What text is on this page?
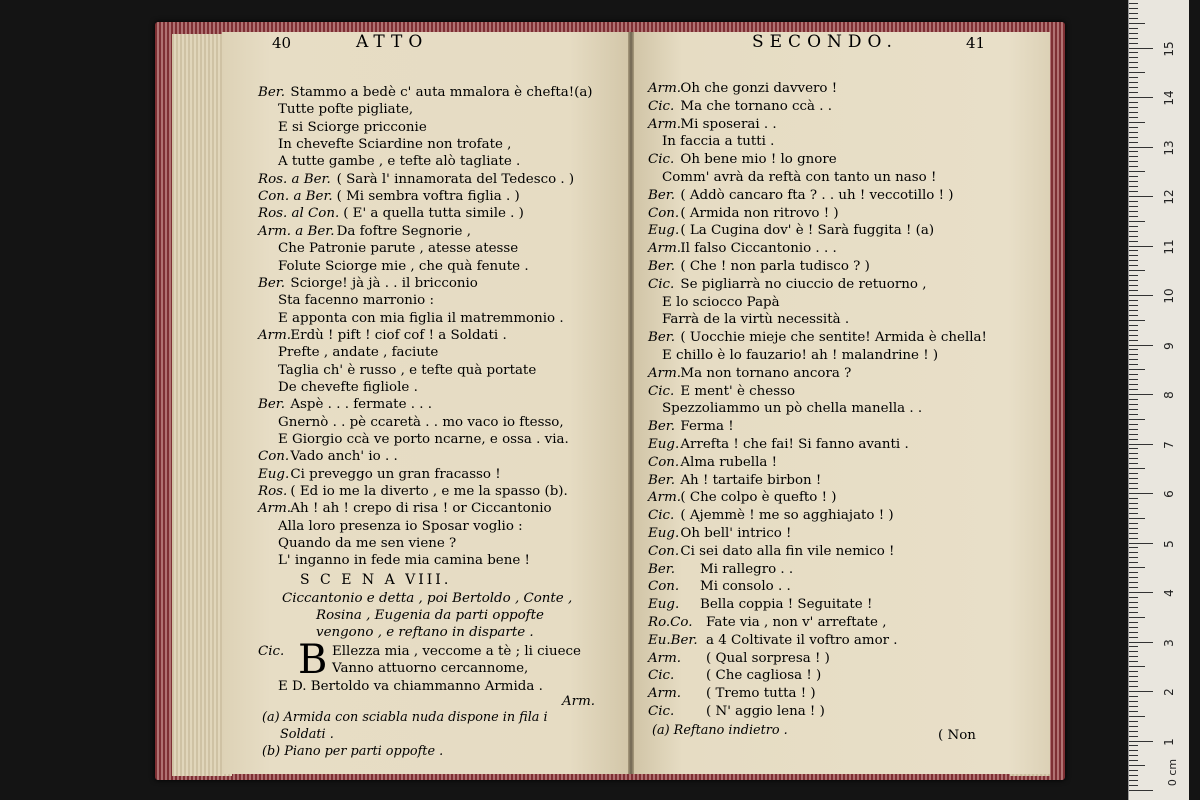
40	ATTO
Ber. Stammo a bedè c' auta mmalora è chefta!(a)
Tutte pofte pigliate,
E si Sciorge pricconie
In chevefte Sciardine non trofate ,
A tutte gambe , e tefte alò tagliate .
Ros. a Ber. ( Sarà l' innamorata del Tedesco . )
Con. a Ber. ( Mi sembra voftra figlia . )
Ros. al Con. ( E' a quella tutta simile . )
Arm. a Ber. Da foftre Segnorie ,
Che Patronie parute , atesse atesse
Folute Sciorge mie , che quà fenute .
Ber. Sciorge! jà jà . . il bricconio
Sta facenno marronio :
E apponta con mia figlia il matremmonio .
Arm. Erdù ! pift ! ciof cof ! a Soldati .
Prefte , andate , faciute
Taglia ch' è russo , e tefte quà portate
De chevefte figliole .
Ber. Aspè . . . fermate . . .
Gnernò . . pè ccaretà . . mo vaco io ftesso,
E Giorgio ccà ve porto ncarne, e ossa . via.
Con. Vado anch' io . .
Eug. Ci preveggo un gran fracasso !
Ros. ( Ed io me la diverto , e me la spasso (b).
Arm. Ah ! ah ! crepo di risa ! or Ciccantonio
Alla loro presenza io Sposar voglio :
Quando da me sen viene ?
L' inganno in fede mia camina bene !
S C E N A VIII.
Ciccantonio e detta , poi Bertoldo , Conte ,
Rosina , Eugenia da parti oppofte
vengono , e reftano in disparte .
B
Cic.	Ellezza mia , veccome a tè ; li ciuece
Vanno attuorno cercannome,
E D. Bertoldo va chiammanno Armida .
Arm.
(a) Armida con sciabla nuda dispone in fila i
Soldati .
(b) Piano per parti oppofte .
SECONDO.	41
Arm. Oh che gonzi davvero !
Cic. Ma che tornano ccà . .
Arm. Mi sposerai . .
In faccia a tutti .
Cic. Oh bene mio ! lo gnore
Comm' avrà da reftà con tanto un naso !
Ber. ( Addò cancaro fta ? . . uh ! veccotillo ! )
Con. ( Armida non ritrovo ! )
Eug. ( La Cugina dov' è ! Sarà fuggita ! (a)
Arm. Il falso Ciccantonio . . .
Ber. ( Che ! non parla tudisco ? )
Cic. Se pigliarrà no ciuccio de retuorno ,
E lo sciocco Papà
Farrà de la virtù necessità .
Ber. ( Uocchie mieje che sentite! Armida è chella!
E chillo è lo fauzario! ah ! malandrine ! )
Arm. Ma non tornano ancora ?
Cic. E ment' è chesso
Spezzoliammo un pò chella manella . .
Ber. Ferma !
Eug. Arrefta ! che fai! Si fanno avanti .
Con. Alma rubella !
Ber. Ah ! tartaife birbon !
Arm. ( Che colpo è quefto ! )
Cic. ( Ajemmè ! me so agghiajato ! )
Eug. Oh bell' intrico !
Con. Ci sei dato alla fin vile nemico !
Ber. Mi rallegro . .
Con. Mi consolo . .
Eug. Bella coppia ! Seguitate !
Ro.Co. Fate via , non v' arreftate ,
Eu.Ber. a 4 Coltivate il voftro amor .
Arm. ( Qual sorpresa ! )
Cic. ( Che cagliosa ! )
Arm. ( Tremo tutta ! )
Cic. ( N' aggio lena ! )
( Non
(a) Reftano indietro .
1
2
3
4
5
6
7
8
9
10
11
12
13
14
15
0 cm
